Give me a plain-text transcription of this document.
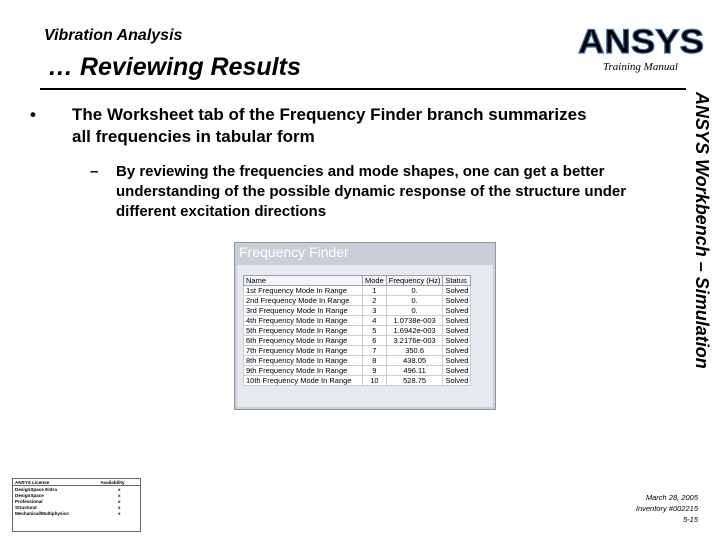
Vibration Analysis
… Reviewing Results
ANSYS
Training Manual
ANSYS Workbench – Simulation
• The Worksheet tab of the Frequency Finder branch summarizes all frequencies in tabular form
– By reviewing the frequencies and mode shapes, one can get a better understanding of the possible dynamic response of the structure under different excitation directions
Frequency Finder
Name	Mode	Frequency (Hz)	Status
1st Frequency Mode In Range	1	0.	Solved
2nd Frequency Mode In Range	2	0.	Solved
3rd Frequency Mode In Range	3	0.	Solved
4th Frequency Mode In Range	4	1.0738e-003	Solved
5th Frequency Mode In Range	5	1.6942e-003	Solved
6th Frequency Mode In Range	6	3.2176e-003	Solved
7th Frequency Mode In Range	7	350.6	Solved
8th Frequency Mode In Range	8	438.05	Solved
9th Frequency Mode In Range	9	496.11	Solved
10th Frequency Mode In Range	10	528.75	Solved
ANSYS License	Availability
DesignSpace Entra	x
DesignSpace	x
Professional	x
Structural	x
Mechanical/Multiphysics	x
March 28, 2005
Inventory #002215
5-15
